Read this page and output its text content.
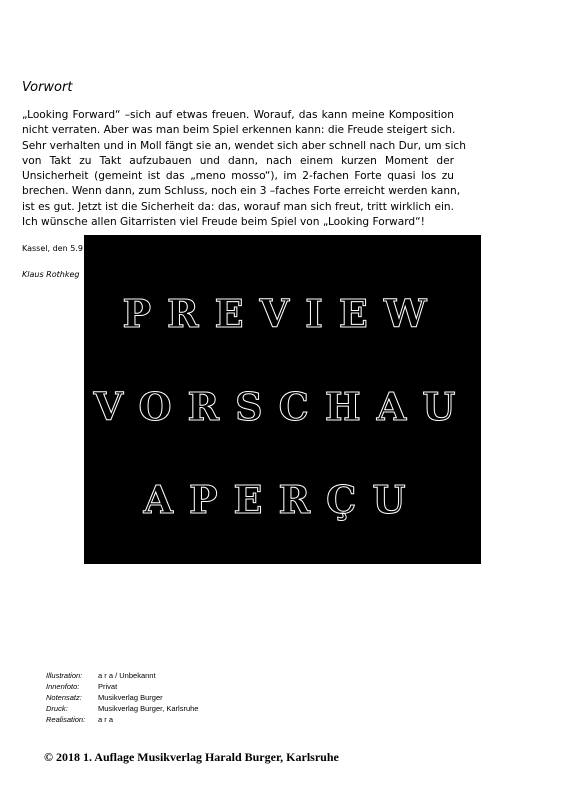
Vorwort
„Looking Forward“ –sich auf etwas freuen. Worauf, das kann meine Komposition
nicht verraten. Aber was man beim Spiel erkennen kann: die Freude steigert sich.
Sehr verhalten und in Moll fängt sie an, wendet sich aber schnell nach Dur, um sich
von Takt zu Takt aufzubauen und dann, nach einem kurzen Moment der
Unsicherheit (gemeint ist das „meno mosso“), im 2-fachen Forte quasi los zu
brechen. Wenn dann, zum Schluss, noch ein 3 –faches Forte erreicht werden kann,
ist es gut. Jetzt ist die Sicherheit da: das, worauf man sich freut, tritt wirklich ein.
Ich wünsche allen Gitarristen viel Freude beim Spiel von „Looking Forward“!
Kassel, den 5.9
Klaus Rothkeg
PREVIEW
VORSCHAU
APERÇU
Illustration:	a r a / Unbekannt
Innenfoto:	Privat
Notensatz:	Musikverlag Burger
Druck:	Musikverlag Burger, Karlsruhe
Realisation:	a r a
© 2018 1. Auflage Musikverlag Harald Burger, Karlsruhe
